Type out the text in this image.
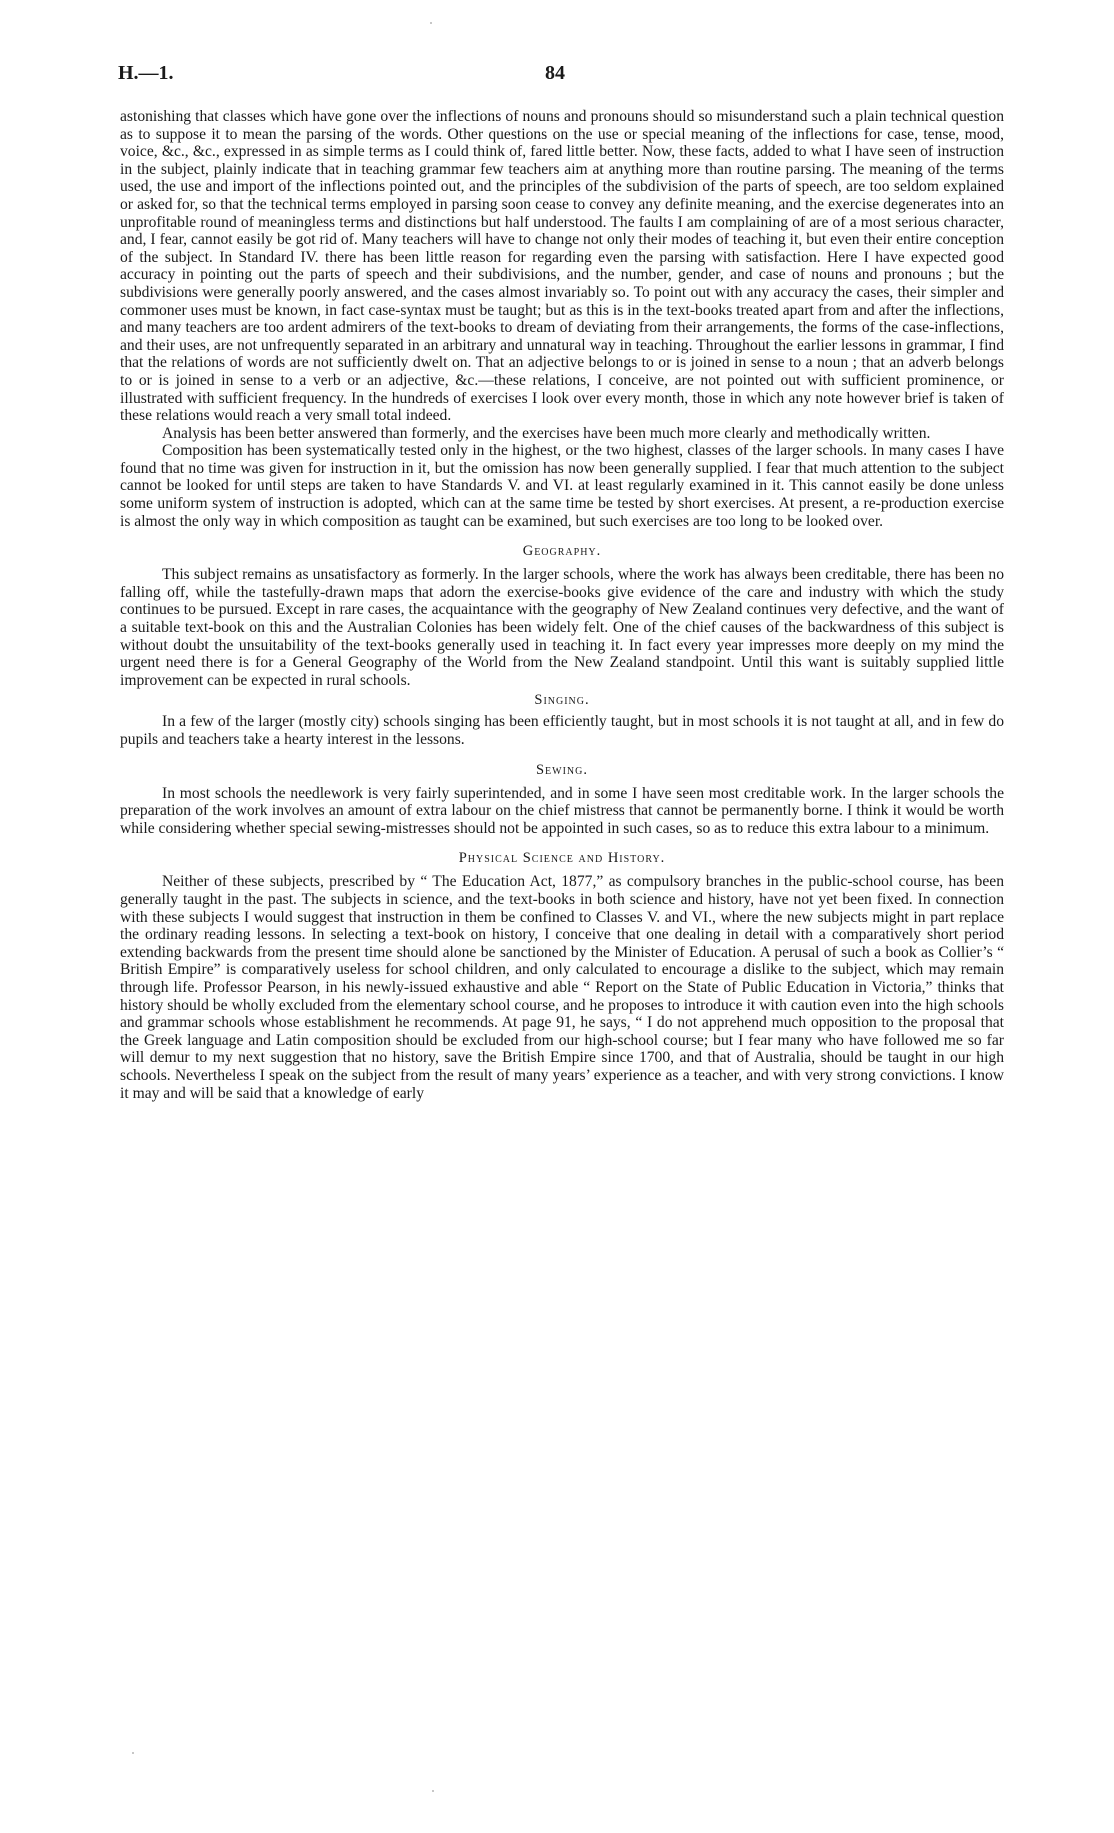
H.—1.	84

astonishing that classes which have gone over the inflections of nouns and pronouns should so misunderstand such a plain technical question as to suppose it to mean the parsing of the words. Other questions on the use or special meaning of the inflections for case, tense, mood, voice, &c., &c., expressed in as simple terms as I could think of, fared little better. Now, these facts, added to what I have seen of instruction in the subject, plainly indicate that in teaching grammar few teachers aim at anything more than routine parsing. The meaning of the terms used, the use and import of the inflections pointed out, and the principles of the subdivision of the parts of speech, are too seldom explained or asked for, so that the technical terms employed in parsing soon cease to convey any definite meaning, and the exercise degenerates into an unprofitable round of meaningless terms and distinctions but half understood. The faults I am complaining of are of a most serious character, and, I fear, cannot easily be got rid of. Many teachers will have to change not only their modes of teaching it, but even their entire conception of the subject. In Standard IV. there has been little reason for regarding even the parsing with satisfaction. Here I have expected good accuracy in pointing out the parts of speech and their subdivisions, and the number, gender, and case of nouns and pronouns ; but the subdivisions were generally poorly answered, and the cases almost invariably so. To point out with any accuracy the cases, their simpler and commoner uses must be known, in fact case-syntax must be taught; but as this is in the text-books treated apart from and after the inflections, and many teachers are too ardent admirers of the text-books to dream of deviating from their arrangements, the forms of the case-inflections, and their uses, are not unfrequently separated in an arbitrary and unnatural way in teaching. Throughout the earlier lessons in grammar, I find that the relations of words are not sufficiently dwelt on. That an adjective belongs to or is joined in sense to a noun ; that an adverb belongs to or is joined in sense to a verb or an adjective, &c.—these relations, I conceive, are not pointed out with sufficient prominence, or illustrated with sufficient frequency. In the hundreds of exercises I look over every month, those in which any note however brief is taken of these relations would reach a very small total indeed.

Analysis has been better answered than formerly, and the exercises have been much more clearly and methodically written.

Composition has been systematically tested only in the highest, or the two highest, classes of the larger schools. In many cases I have found that no time was given for instruction in it, but the omission has now been generally supplied. I fear that much attention to the subject cannot be looked for until steps are taken to have Standards V. and VI. at least regularly examined in it. This cannot easily be done unless some uniform system of instruction is adopted, which can at the same time be tested by short exercises. At present, a re-production exercise is almost the only way in which composition as taught can be examined, but such exercises are too long to be looked over.

Geography.

This subject remains as unsatisfactory as formerly. In the larger schools, where the work has always been creditable, there has been no falling off, while the tastefully-drawn maps that adorn the exercise-books give evidence of the care and industry with which the study continues to be pursued. Except in rare cases, the acquaintance with the geography of New Zealand continues very defective, and the want of a suitable text-book on this and the Australian Colonies has been widely felt. One of the chief causes of the backwardness of this subject is without doubt the unsuitability of the text-books generally used in teaching it. In fact every year impresses more deeply on my mind the urgent need there is for a General Geography of the World from the New Zealand standpoint. Until this want is suitably supplied little improvement can be expected in rural schools.

Singing.

In a few of the larger (mostly city) schools singing has been efficiently taught, but in most schools it is not taught at all, and in few do pupils and teachers take a hearty interest in the lessons.

Sewing.

In most schools the needlework is very fairly superintended, and in some I have seen most creditable work. In the larger schools the preparation of the work involves an amount of extra labour on the chief mistress that cannot be permanently borne. I think it would be worth while considering whether special sewing-mistresses should not be appointed in such cases, so as to reduce this extra labour to a minimum.

Physical Science and History.

Neither of these subjects, prescribed by “ The Education Act, 1877,” as compulsory branches in the public-school course, has been generally taught in the past. The subjects in science, and the text-books in both science and history, have not yet been fixed. In connection with these subjects I would suggest that instruction in them be confined to Classes V. and VI., where the new subjects might in part replace the ordinary reading lessons. In selecting a text-book on history, I conceive that one dealing in detail with a comparatively short period extending backwards from the present time should alone be sanctioned by the Minister of Education. A perusal of such a book as Collier’s “ British Empire” is comparatively useless for school children, and only calculated to encourage a dislike to the subject, which may remain through life. Professor Pearson, in his newly-issued exhaustive and able “ Report on the State of Public Education in Victoria,” thinks that history should be wholly excluded from the elementary school course, and he proposes to introduce it with caution even into the high schools and grammar schools whose establishment he recommends. At page 91, he says, “ I do not apprehend much opposition to the proposal that the Greek language and Latin composition should be excluded from our high-school course; but I fear many who have followed me so far will demur to my next suggestion that no history, save the British Empire since 1700, and that of Australia, should be taught in our high schools. Nevertheless I speak on the subject from the result of many years’ experience as a teacher, and with very strong convictions. I know it may and will be said that a knowledge of early
